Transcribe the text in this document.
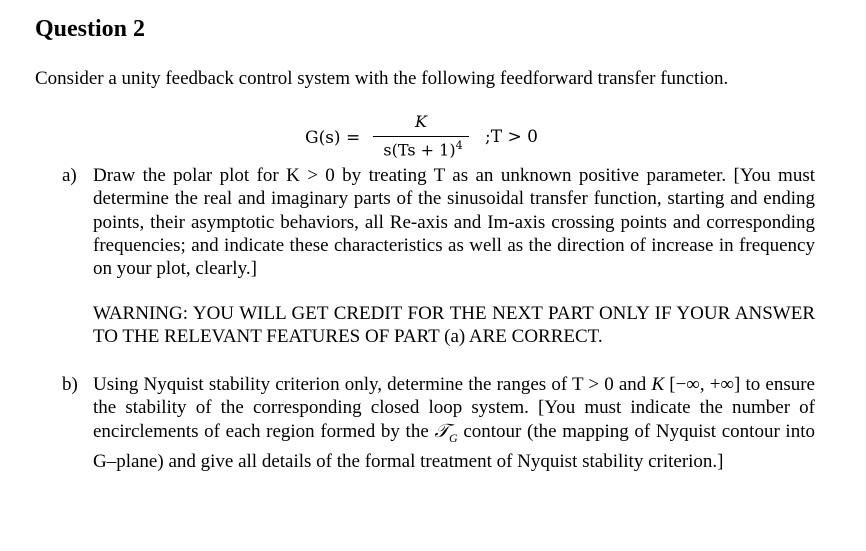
Question 2

Consider a unity feedback control system with the following feedforward transfer function.

G(s) =
K
$s(Ts + 1)^4$	;T > 0
a) Draw the polar plot for K > 0 by treating T as an unknown positive parameter. [You must determine the real and imaginary parts of the sinusoidal transfer function, starting and ending points, their asymptotic behaviors, all Re-axis and Im-axis crossing points and corresponding frequencies; and indicate these characteristics as well as the direction of increase in frequency on your plot, clearly.]
WARNING: YOU WILL GET CREDIT FOR THE NEXT PART ONLY IF YOUR ANSWER TO THE RELEVANT FEATURES OF PART (a) ARE CORRECT.
b) Using Nyquist stability criterion only, determine the ranges of T > 0 and K [−∞, +∞] to ensure the stability of the corresponding closed loop system. [You must indicate the number of encirclements of each region formed by the 𝒯$_G$ contour (the mapping of Nyquist contour into G–plane) and give all details of the formal treatment of Nyquist stability criterion.]
